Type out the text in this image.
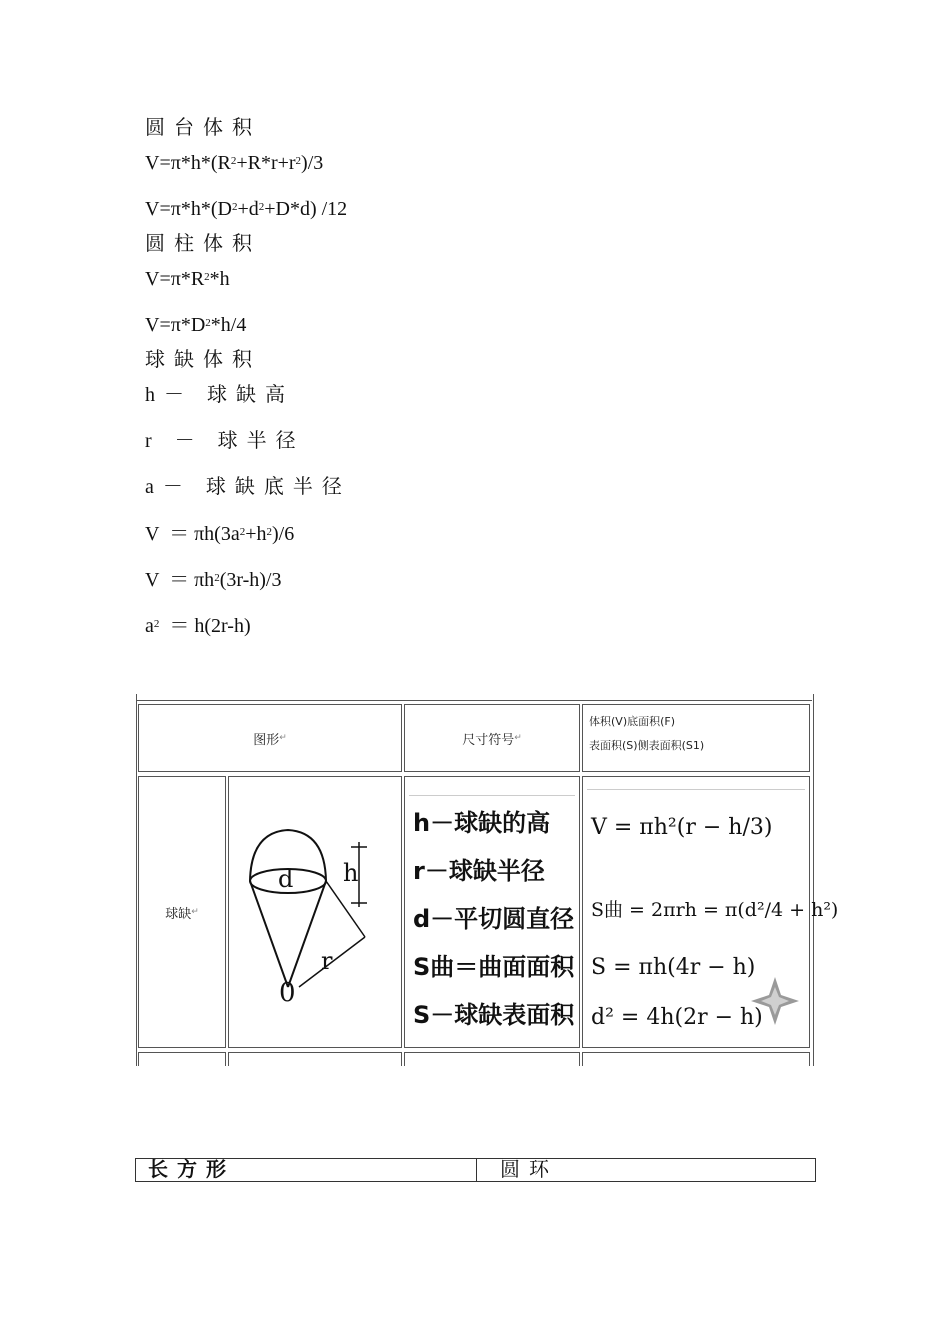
圆台体积
$V=\pi*h*(R^2+R*r+r^2)/3$
$V=\pi*h*(D^2+d^2+D*d)$ /12
圆柱体积
$V=\pi*R^2*h$
$V=\pi*D^2*h/4$
球缺体积
h－ 球缺高
r － 球半径
a－ 球缺底半径
$V = \pi h(3a^2+h^2)/6$
$V = \pi h^2(3r-h)/3$
$a^2 = h(2r-h)$
图形 ↵	尺寸符号 ↵
体积(V)底面积(F)
表面积(S)侧表面积(S1)
球缺 ↵
d h
r
0
h－球缺的高
r－球缺半径
d－平切圆直径
S曲＝曲面面积
S－球缺表面积
V = πh²(r − h/3)
S曲 = 2πrh = π(d²/4 + h²)
S = πh(4r − h)
d² = 4h(2r − h)
长方形	圆环
